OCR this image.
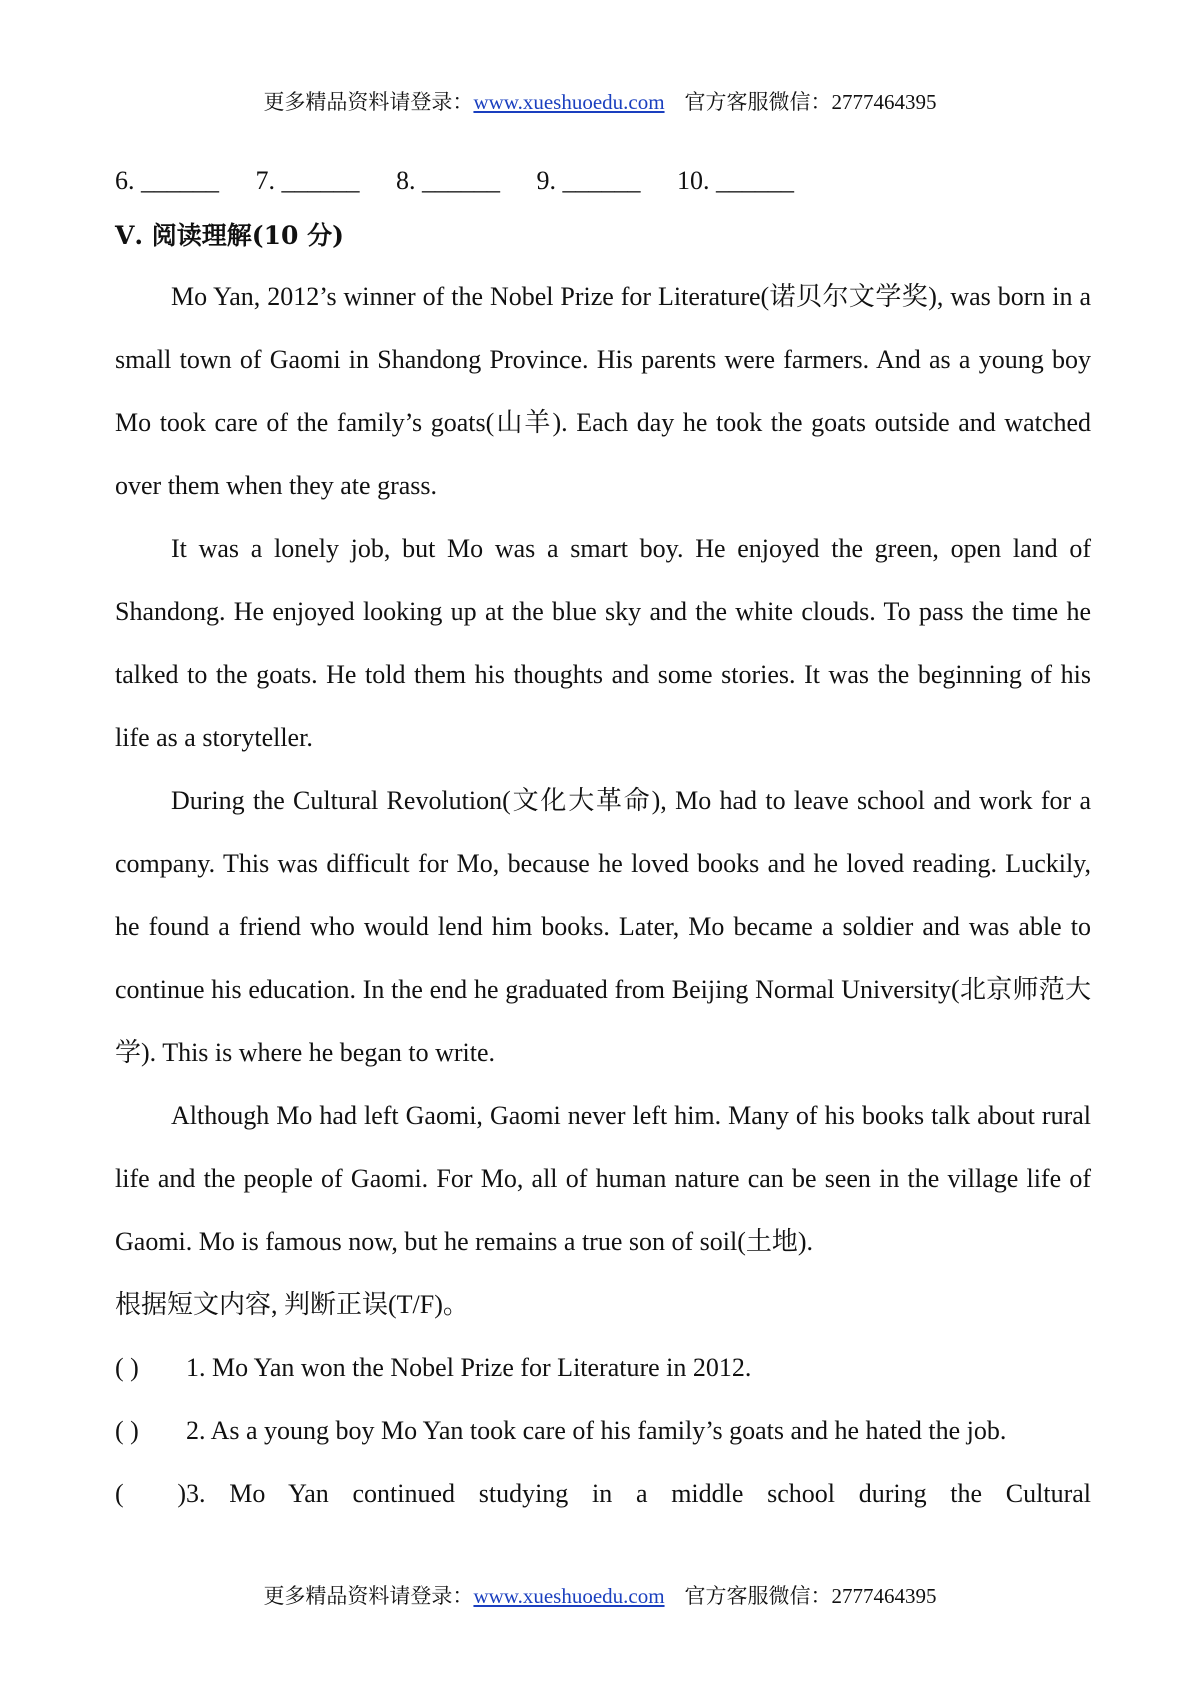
更多精品资料请登录：www.xueshuoedu.com 官方客服微信：2777464395
6. ______ 7. ______ 8. ______ 9. ______ 10. ______
Ⅴ. 阅读理解(10 分)

Mo Yan, 2012’s winner of the Nobel Prize for Literature(诺贝尔文学奖), was born in a small town of Gaomi in Shandong Province. His parents were farmers. And as a young boy Mo took care of the family’s goats(山羊). Each day he took the goats outside and watched over them when they ate grass.

It was a lonely job, but Mo was a smart boy. He enjoyed the green, open land of Shandong. He enjoyed looking up at the blue sky and the white clouds. To pass the time he talked to the goats. He told them his thoughts and some stories. It was the beginning of his life as a storyteller.

During the Cultural Revolution(文化大革命), Mo had to leave school and work for a company. This was difficult for Mo, because he loved books and he loved reading. Luckily, he found a friend who would lend him books. Later, Mo became a soldier and was able to continue his education. In the end he graduated from Beijing Normal University(北京师范大学). This is where he began to write.

Although Mo had left Gaomi, Gaomi never left him. Many of his books talk about rural life and the people of Gaomi. For Mo, all of human nature can be seen in the village life of Gaomi. Mo is famous now, but he remains a true son of soil(土地).

根据短文内容, 判断正误(T/F)。

( ) 1. Mo Yan won the Nobel Prize for Literature in 2012.

( ) 2. As a young boy Mo Yan took care of his family’s goats and he hated the job.

( )3. Mo Yan continued studying in a middle school during the Cultural

更多精品资料请登录：www.xueshuoedu.com 官方客服微信：2777464395
